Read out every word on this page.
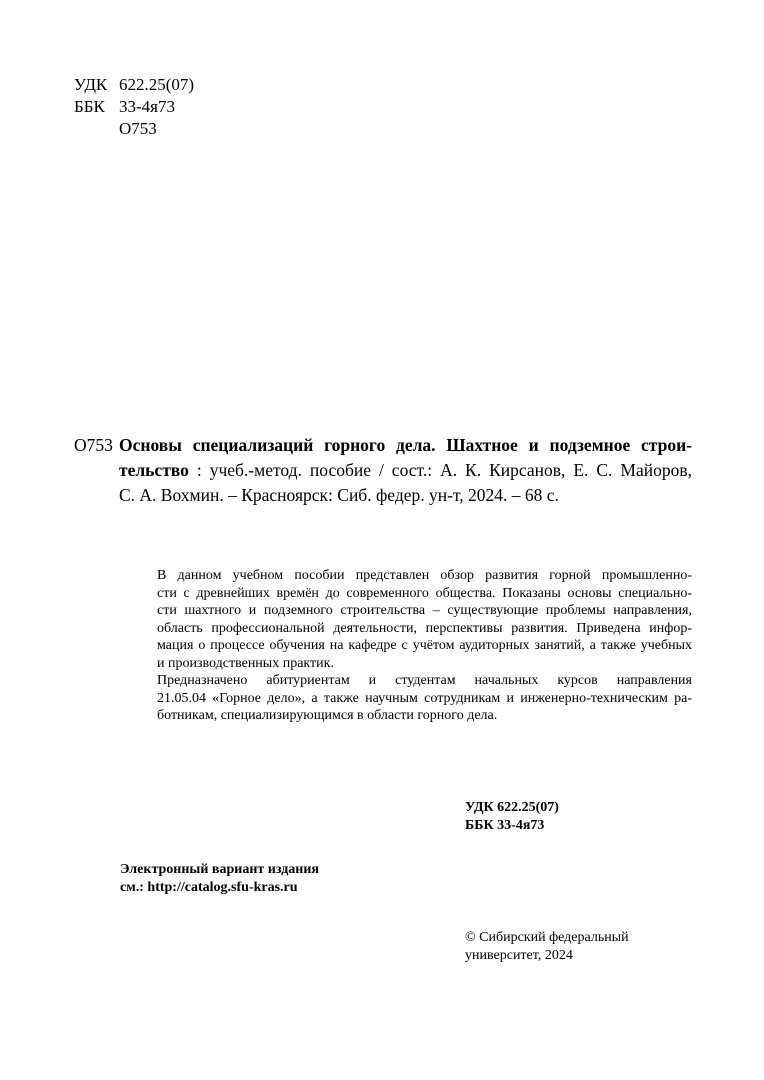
УДК 622.25(07)
ББК 33-4я73
О753
О753 Основы специализаций горного дела. Шахтное и подземное строи-
тельство : учеб.-метод. пособие / сост.: А. К. Кирсанов, Е. С. Майоров,
С. А. Вохмин. – Красноярск: Сиб. федер. ун-т, 2024. – 68 с.

В данном учебном пособии представлен обзор развития горной промышленно-
сти с древнейших времён до современного общества. Показаны основы специально-
сти шахтного и подземного строительства – существующие проблемы направления,
область профессиональной деятельности, перспективы развития. Приведена инфор-
мация о процессе обучения на кафедре с учётом аудиторных занятий, а также учебных
и производственных практик.

Предназначено абитуриентам и студентам начальных курсов направления
21.05.04 «Горное дело», а также научным сотрудникам и инженерно-техническим ра-
ботникам, специализирующимся в области горного дела.

УДК 622.25(07)
ББК 33-4я73
Электронный вариант издания
см.: http://catalog.sfu-kras.ru
© Сибирский федеральный
университет, 2024
